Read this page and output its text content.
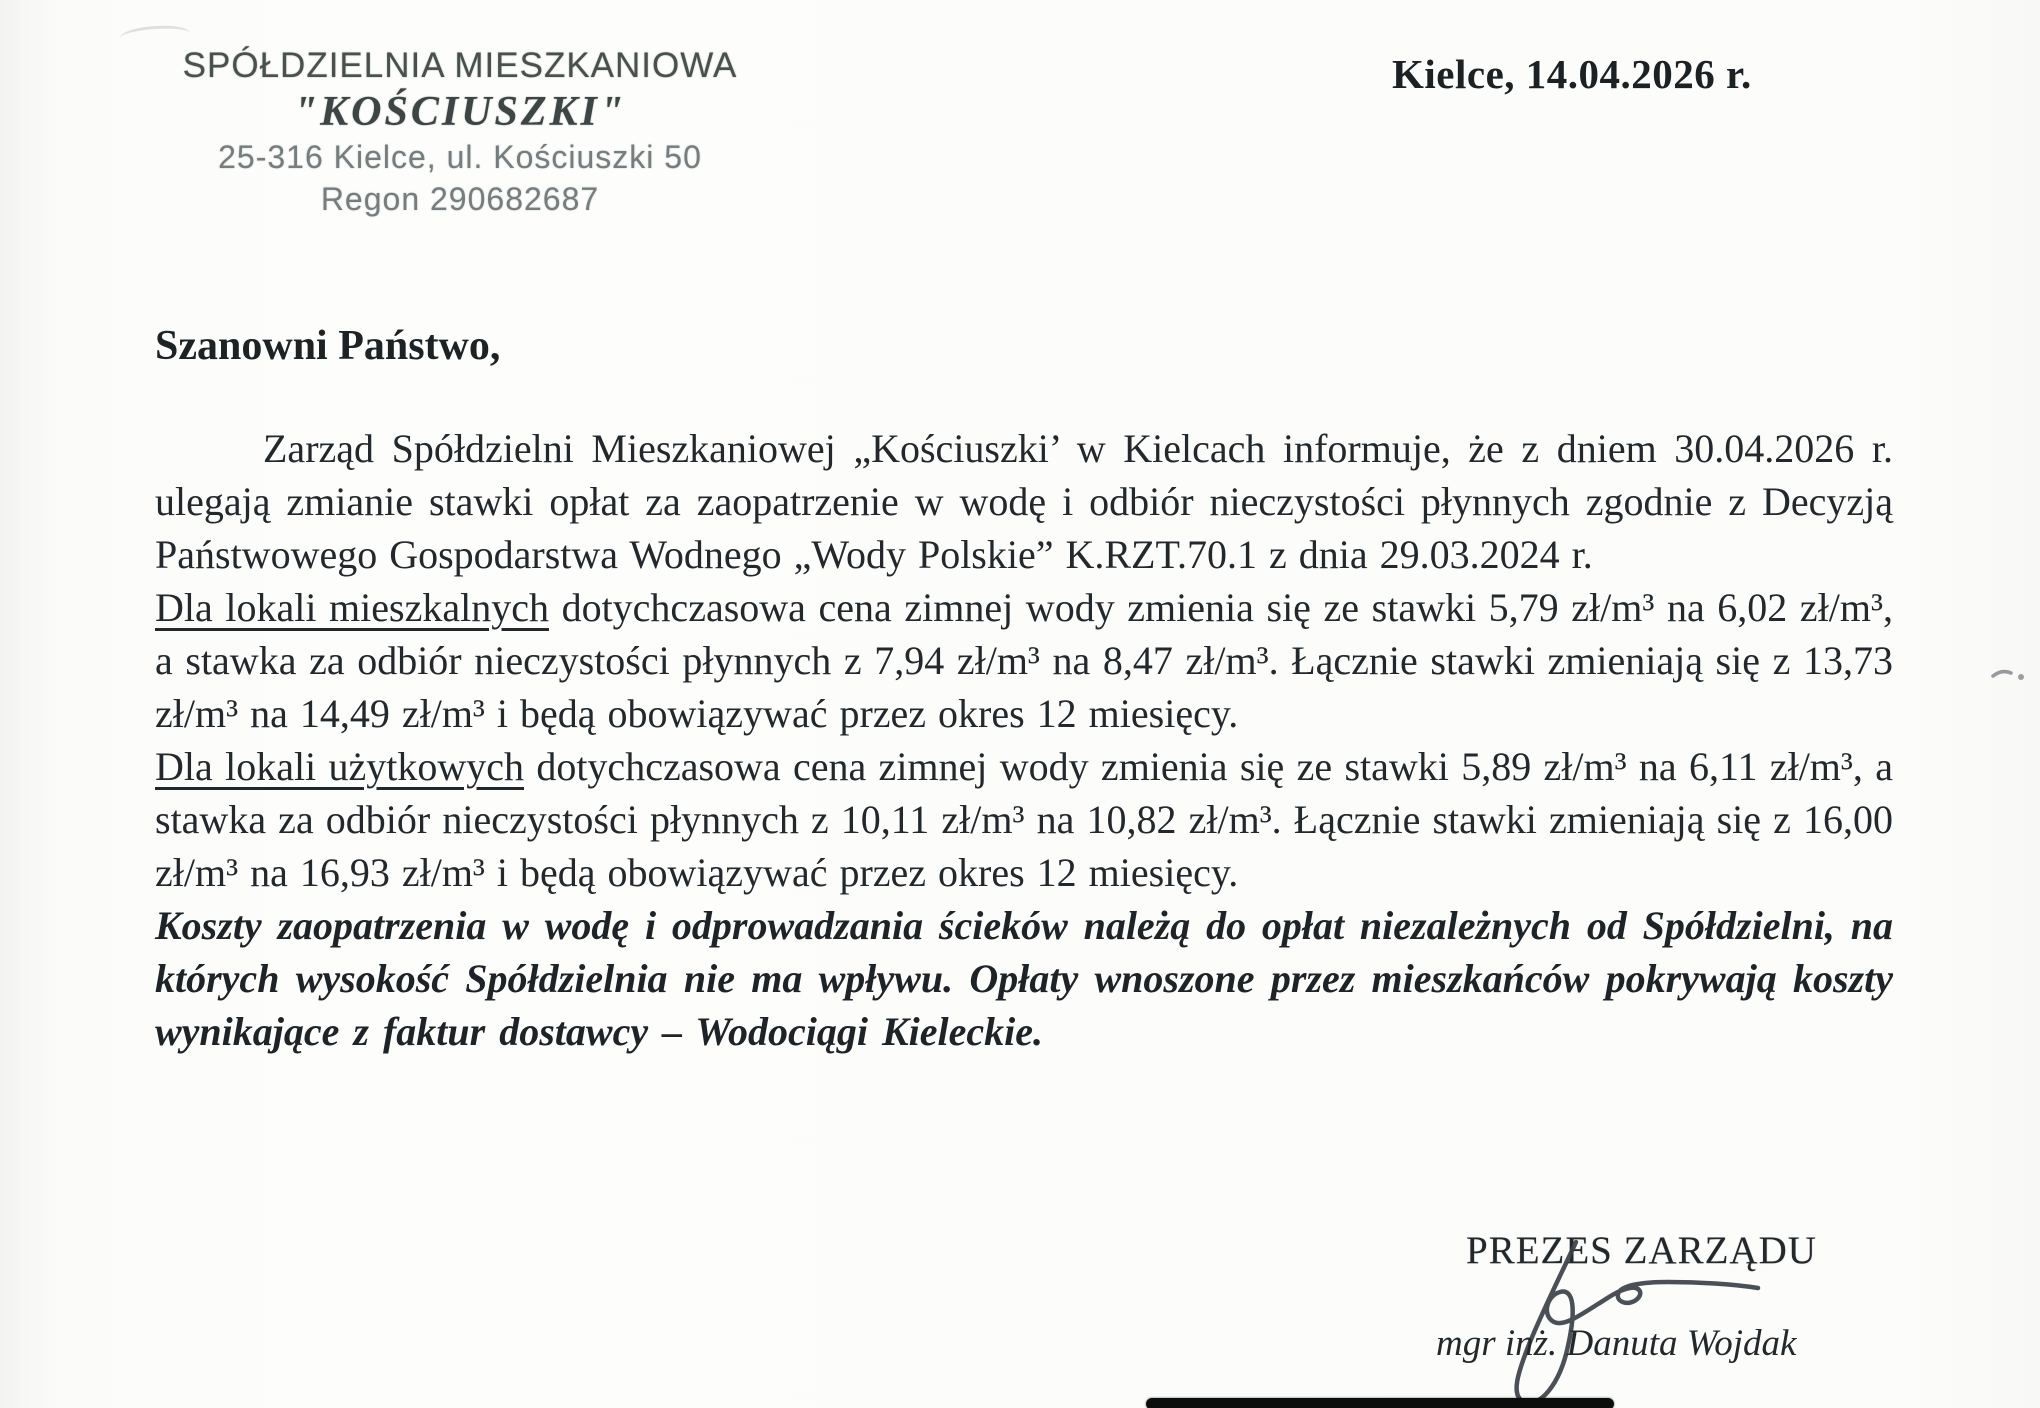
SPÓŁDZIELNIA MIESZKANIOWA
"KOŚCIUSZKI"
25-316 Kielce, ul. Kościuszki 50
Regon 290682687
Kielce, 14.04.2026 r.

Szanowni Państwo,

Zarząd Spółdzielni Mieszkaniowej „Kościuszki’ w Kielcach informuje, że z dniem 30.04.2026 r. ulegają zmianie stawki opłat za zaopatrzenie w wodę i odbiór nieczystości płynnych zgodnie z Decyzją Państwowego Gospodarstwa Wodnego „Wody Polskie” K.RZT.70.1 z dnia 29.03.2024 r.

Dla lokali mieszkalnych dotychczasowa cena zimnej wody zmienia się ze stawki 5,79 zł/m³ na 6,02 zł/m³, a stawka za odbiór nieczystości płynnych z 7,94 zł/m³ na 8,47 zł/m³. Łącznie stawki zmieniają się z 13,73 zł/m³ na 14,49 zł/m³ i będą obowiązywać przez okres 12 miesięcy.

Dla lokali użytkowych dotychczasowa cena zimnej wody zmienia się ze stawki 5,89 zł/m³ na 6,11 zł/m³, a stawka za odbiór nieczystości płynnych z 10,11 zł/m³ na 10,82 zł/m³. Łącznie stawki zmieniają się z 16,00 zł/m³ na 16,93 zł/m³ i będą obowiązywać przez okres 12 miesięcy.

Koszty zaopatrzenia w wodę i odprowadzania ścieków należą do opłat niezależnych od Spółdzielni, na których wysokość Spółdzielnia nie ma wpływu. Opłaty wnoszone przez mieszkańców pokrywają koszty wynikające z faktur dostawcy – Wodociągi Kieleckie.

PREZES ZARZĄDU
mgr inż. Danuta Wojdak
